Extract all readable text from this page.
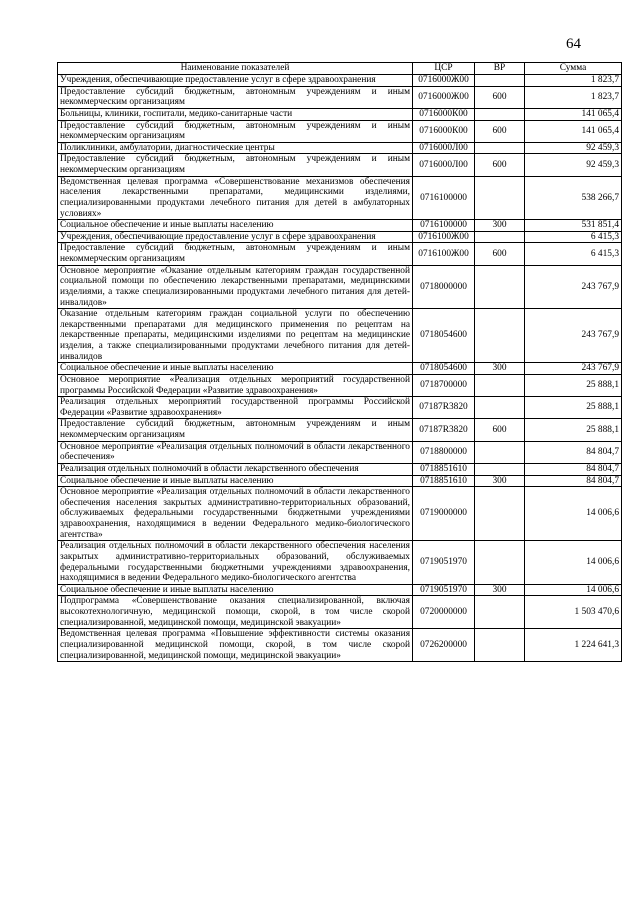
64
Наименование показателей	ЦСР	ВР	Сумма
Учреждения, обеспечивающие предоставление услуг в сфере здравоохранения	0716000Ж00		1 823,7
Предоставление субсидий бюджетным, автономным учреждениям и иным некоммерческим организациям	0716000Ж00	600	1 823,7
Больницы, клиники, госпитали, медико-санитарные части	0716000К00		141 065,4
Предоставление субсидий бюджетным, автономным учреждениям и иным некоммерческим организациям	0716000К00	600	141 065,4
Поликлиники, амбулатории, диагностические центры	0716000Л00		92 459,3
Предоставление субсидий бюджетным, автономным учреждениям и иным некоммерческим организациям	0716000Л00	600	92 459,3
Ведомственная целевая программа «Совершенствование механизмов обеспечения населения лекарственными препаратами, медицинскими изделиями, специализированными продуктами лечебного питания для детей в амбулаторных условиях»	0716100000		538 266,7
Социальное обеспечение и иные выплаты населению	0716100000	300	531 851,4
Учреждения, обеспечивающие предоставление услуг в сфере здравоохранения	0716100Ж00		6 415,3
Предоставление субсидий бюджетным, автономным учреждениям и иным некоммерческим организациям	0716100Ж00	600	6 415,3
Основное мероприятие «Оказание отдельным категориям граждан государственной социальной помощи по обеспечению лекарственными препаратами, медицинскими изделиями, а также специализированными продуктами лечебного питания для детей-инвалидов»	0718000000		243 767,9
Оказание отдельным категориям граждан социальной услуги по обеспечению лекарственными препаратами для медицинского применения по рецептам на лекарственные препараты, медицинскими изделиями по рецептам на медицинские изделия, а также специализированными продуктами лечебного питания для детей-инвалидов	0718054600		243 767,9
Социальное обеспечение и иные выплаты населению	0718054600	300	243 767,9
Основное мероприятие «Реализация отдельных мероприятий государственной программы Российской Федерации «Развитие здравоохранения»	0718700000		25 888,1
Реализация отдельных мероприятий государственной программы Российской Федерации «Развитие здравоохранения»	07187R3820		25 888,1
Предоставление субсидий бюджетным, автономным учреждениям и иным некоммерческим организациям	07187R3820	600	25 888,1
Основное мероприятие «Реализация отдельных полномочий в области лекарственного обеспечения»	0718800000		84 804,7
Реализация отдельных полномочий в области лекарственного обеспечения	0718851610		84 804,7
Социальное обеспечение и иные выплаты населению	0718851610	300	84 804,7
Основное мероприятие «Реализация отдельных полномочий в области лекарственного обеспечения населения закрытых административно-территориальных образований, обслуживаемых федеральными государственными бюджетными учреждениями здравоохранения, находящимися в ведении Федерального медико-биологического агентства»	0719000000		14 006,6
Реализация отдельных полномочий в области лекарственного обеспечения населения закрытых административно-территориальных образований, обслуживаемых федеральными государственными бюджетными учреждениями здравоохранения, находящимися в ведении Федерального медико-биологического агентства	0719051970		14 006,6
Социальное обеспечение и иные выплаты населению	0719051970	300	14 006,6
Подпрограмма «Совершенствование оказания специализированной, включая высокотехнологичную, медицинской помощи, скорой, в том числе скорой специализированной, медицинской помощи, медицинской эвакуации»	0720000000		1 503 470,6
Ведомственная целевая программа «Повышение эффективности системы оказания специализированной медицинской помощи, скорой, в том числе скорой специализированной, медицинской помощи, медицинской эвакуации»	0726200000		1 224 641,3
